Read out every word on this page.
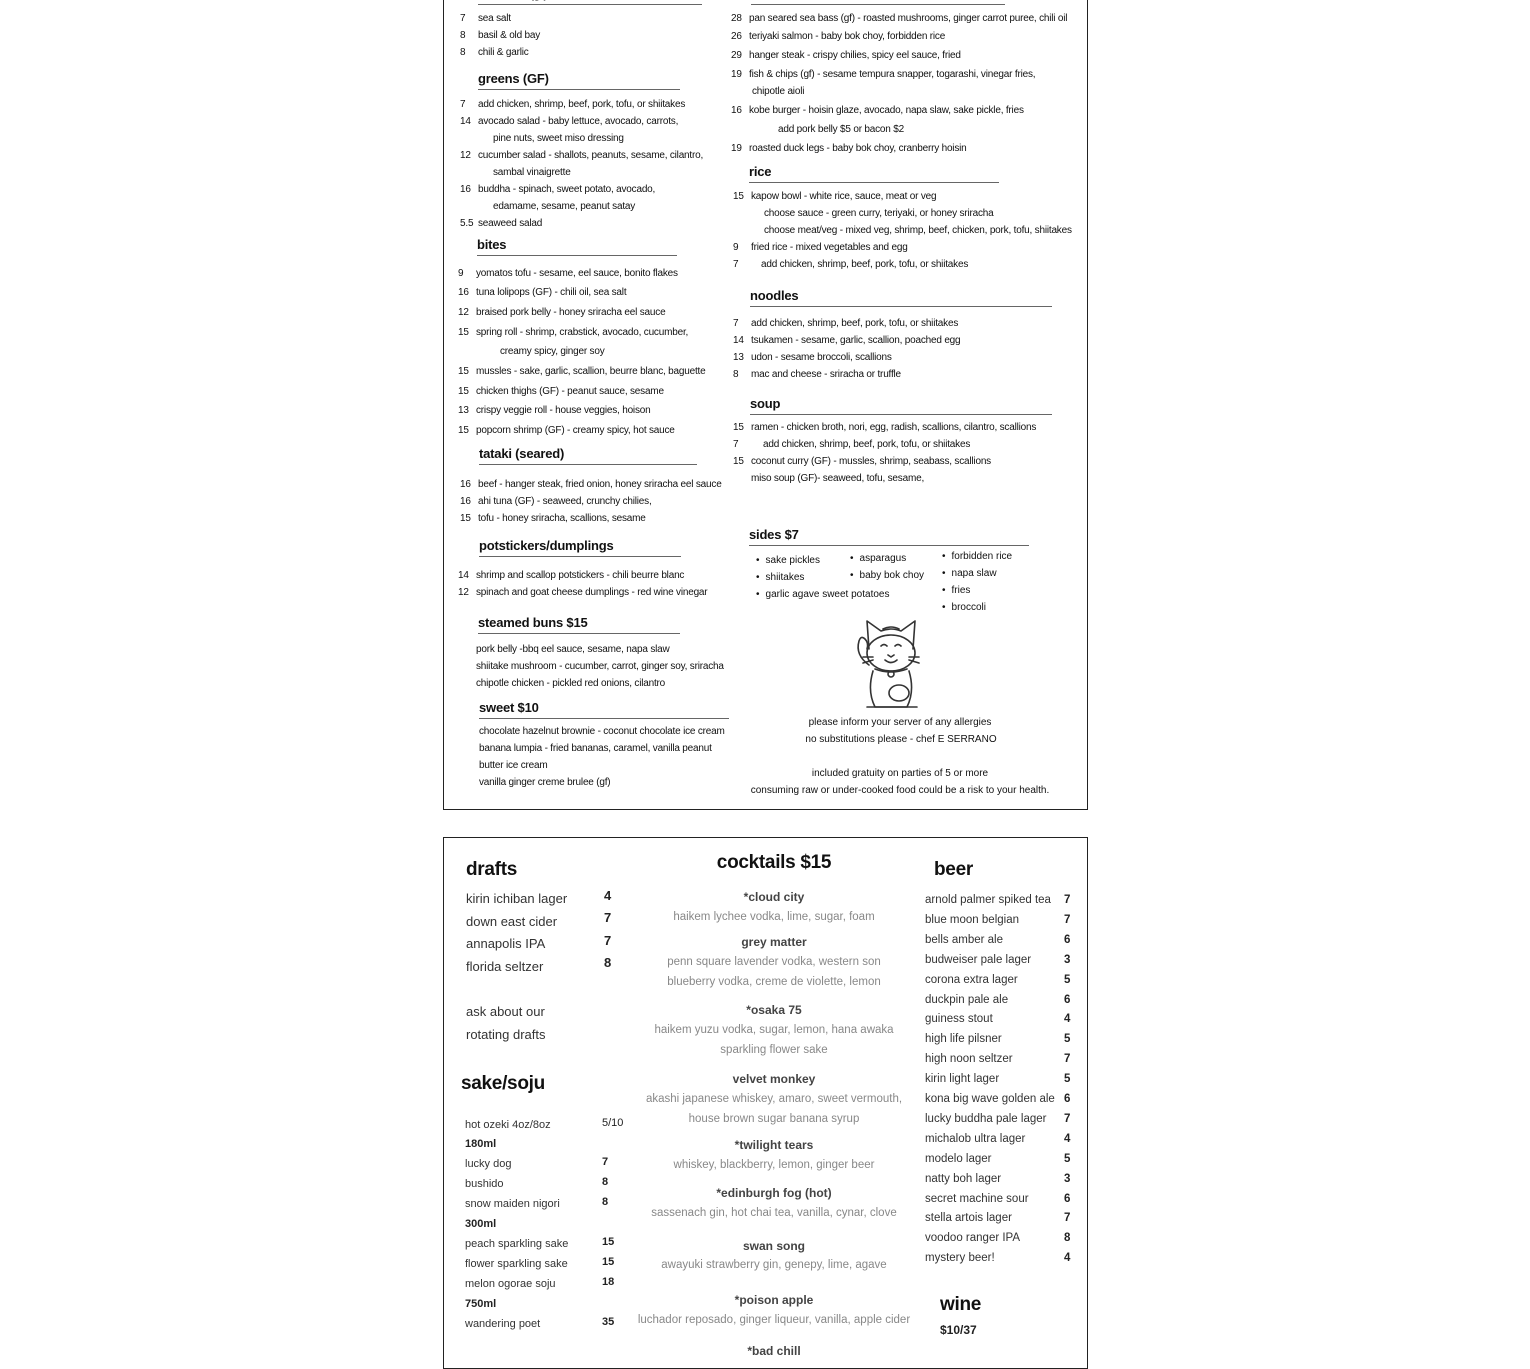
7 sea salt
8 basil & old bay
8 chili & garlic
greens (GF)
7 add chicken, shrimp, beef, pork, tofu, or shiitakes
14 avocado salad - baby lettuce, avocado, carrots,
pine nuts, sweet miso dressing
12 cucumber salad - shallots, peanuts, sesame, cilantro,
sambal vinaigrette
16 buddha - spinach, sweet potato, avocado,
edamame, sesame, peanut satay
5.5 seaweed salad
bites
9 yomatos tofu - sesame, eel sauce, bonito flakes
16 tuna lolipops (GF) - chili oil, sea salt
12 braised pork belly - honey sriracha eel sauce
15 spring roll - shrimp, crabstick, avocado, cucumber,
creamy spicy, ginger soy
15 mussles - sake, garlic, scallion, beurre blanc, baguette
15 chicken thighs (GF) - peanut sauce, sesame
13 crispy veggie roll - house veggies, hoison
15 popcorn shrimp (GF) - creamy spicy, hot sauce
tataki (seared)
16 beef - hanger steak, fried onion, honey sriracha eel sauce
16 ahi tuna (GF) - seaweed, crunchy chilies,
15 tofu - honey sriracha, scallions, sesame
potstickers/dumplings
14 shrimp and scallop potstickers - chili beurre blanc
12 spinach and goat cheese dumplings - red wine vinegar
steamed buns $15
pork belly -bbq eel sauce, sesame, napa slaw
shiitake mushroom - cucumber, carrot, ginger soy, sriracha
chipotle chicken - pickled red onions, cilantro
sweet $10
chocolate hazelnut brownie - coconut chocolate ice cream
banana lumpia - fried bananas, caramel, vanilla peanut
butter ice cream
vanilla ginger creme brulee (gf)
28 pan seared sea bass (gf) - roasted mushrooms, ginger carrot puree, chili oil
26 teriyaki salmon - baby bok choy, forbidden rice
29 hanger steak - crispy chilies, spicy eel sauce, fried
19 fish & chips (gf) - sesame tempura snapper, togarashi, vinegar fries,
chipotle aioli
16 kobe burger - hoisin glaze, avocado, napa slaw, sake pickle, fries
add pork belly $5 or bacon $2
19 roasted duck legs - baby bok choy, cranberry hoisin
rice
15 kapow bowl - white rice, sauce, meat or veg
choose sauce - green curry, teriyaki, or honey sriracha
choose meat/veg - mixed veg, shrimp, beef, chicken, pork, tofu, shiitakes
9 fried rice - mixed vegetables and egg
7 add chicken, shrimp, beef, pork, tofu, or shiitakes
noodles
7 add chicken, shrimp, beef, pork, tofu, or shiitakes
14 tsukamen - sesame, garlic, scallion, poached egg
13 udon - sesame broccoli, scallions
8 mac and cheese - sriracha or truffle
soup
15 ramen - chicken broth, nori, egg, radish, scallions, cilantro, scallions
7 add chicken, shrimp, beef, pork, tofu, or shiitakes
15 coconut curry (GF) - mussles, shrimp, seabass, scallions
miso soup (GF)- seaweed, tofu, sesame,
sides $7
• sake pickles
• shiitakes
• garlic agave sweet potatoes
• asparagus
• baby bok choy
• forbidden rice
• napa slaw
• fries
• broccoli
please inform your server of any allergies
no substitutions please - chef E SERRANO
included gratuity on parties of 5 or more
consuming raw or under-cooked food could be a risk to your health.
drafts
kirin ichiban lager	4
down east cider	7
annapolis IPA	7
florida seltzer	8
ask about our
rotating drafts
sake/soju
hot ozeki 4oz/8oz	5/10
180ml
lucky dog	7
bushido	8
snow maiden nigori	8
300ml
peach sparkling sake	15
flower sparkling sake	15
melon ogorae soju	18
750ml
wandering poet	35
cocktails $15
*cloud city
haikem lychee vodka, lime, sugar, foam
grey matter
penn square lavender vodka, western son
blueberry vodka, creme de violette, lemon
*osaka 75
haikem yuzu vodka, sugar, lemon, hana awaka
sparkling flower sake
velvet monkey
akashi japanese whiskey, amaro, sweet vermouth,
house brown sugar banana syrup
*twilight tears
whiskey, blackberry, lemon, ginger beer
*edinburgh fog (hot)
sassenach gin, hot chai tea, vanilla, cynar, clove
swan song
awayuki strawberry gin, genepy, lime, agave
*poison apple
luchador reposado, ginger liqueur, vanilla, apple cider
*bad chill
beer
arnold palmer spiked tea 7
blue moon belgian	7
bells amber ale	6
budweiser pale lager	3
corona extra lager	5
duckpin pale ale	6
guiness stout	4
high life pilsner	5
high noon seltzer	7
kirin light lager	5
kona big wave golden ale 6
lucky buddha pale lager 7
michalob ultra lager	4
modelo lager	5
natty boh lager	3
secret machine sour	6
stella artois lager	7
voodoo ranger IPA	8
mystery beer!	4
wine
$10/37
